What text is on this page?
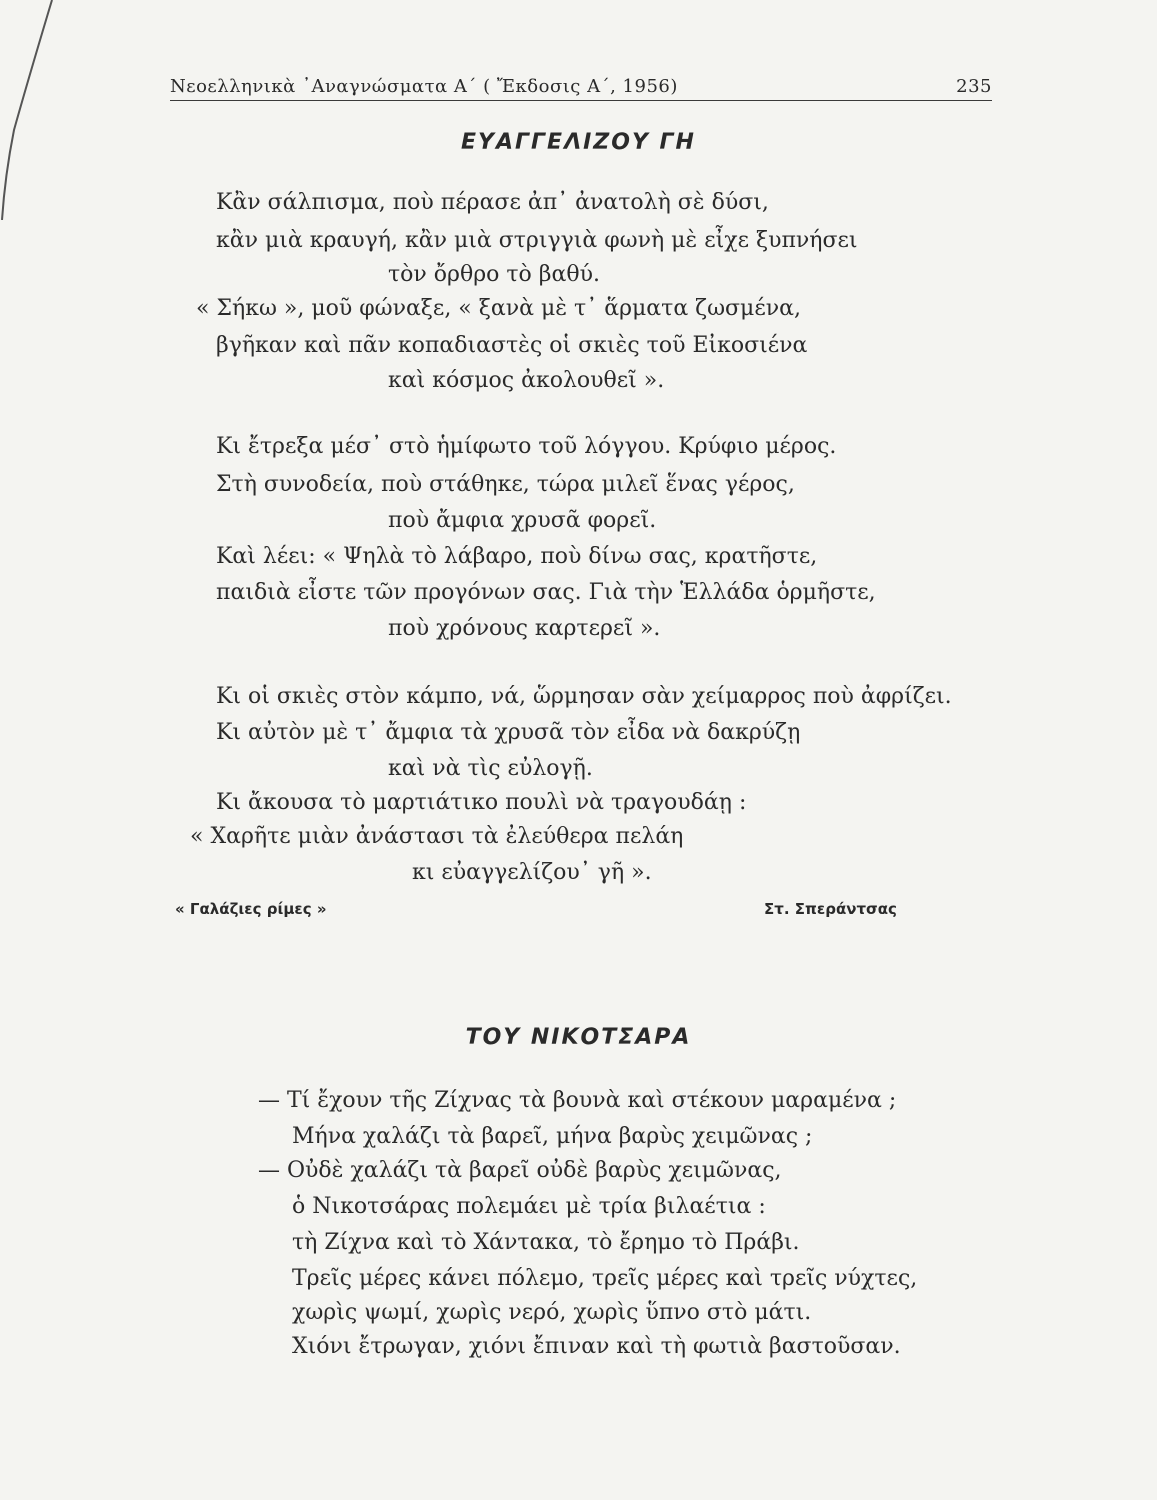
Νεοελληνικὰ ᾿Αναγνώσματα Α΄ ( Ἔκδοσις Α΄, 1956)	235
ΕΥΑΓΓΕΛΙΖΟΥ ΓΗ
Κἂν σάλπισμα, ποὺ πέρασε ἀπ᾿ ἀνατολὴ σὲ δύσι,
κἂν μιὰ κραυγή, κἂν μιὰ στριγγιὰ φωνὴ μὲ εἶχε ξυπνήσει
τὸν ὄρθρο τὸ βαθύ.
« Σήκω », μοῦ φώναξε, « ξανὰ μὲ τ᾿ ἅρματα ζωσμένα,
βγῆκαν καὶ πᾶν κοπαδιαστὲς οἱ σκιὲς τοῦ Εἰκοσιένα
καὶ κόσμος ἀκολουθεῖ ».
Κι ἔτρεξα μέσ᾿ στὸ ἡμίφωτο τοῦ λόγγου. Κρύφιο μέρος.
Στὴ συνοδεία, ποὺ στάθηκε, τώρα μιλεῖ ἕνας γέρος,
ποὺ ἄμφια χρυσᾶ φορεῖ.
Καὶ λέει: « Ψηλὰ τὸ λάβαρο, ποὺ δίνω σας, κρατῆστε,
παιδιὰ εἶστε τῶν προγόνων σας. Γιὰ τὴν Ἑλλάδα ὁρμῆστε,
ποὺ χρόνους καρτερεῖ ».
Κι οἱ σκιὲς στὸν κάμπο, νά, ὥρμησαν σὰν χείμαρρος ποὺ ἀφρίζει.
Κι αὐτὸν μὲ τ᾿ ἄμφια τὰ χρυσᾶ τὸν εἶδα νὰ δακρύζῃ
καὶ νὰ τὶς εὐλογῇ.
Κι ἄκουσα τὸ μαρτιάτικο πουλὶ νὰ τραγουδάῃ :
« Χαρῆτε μιὰν ἀνάστασι τὰ ἐλεύθερα πελάη
κι εὐαγγελίζου᾿ γῆ ».
« Γαλάζιες ρίμες »	Στ. Σπεράντσας
ΤΟΥ ΝΙΚΟΤΣΑΡΑ
— Τί ἔχουν τῆς Ζίχνας τὰ βουνὰ καὶ στέκουν μαραμένα ;
Μήνα χαλάζι τὰ βαρεῖ, μήνα βαρὺς χειμῶνας ;
— Οὐδὲ χαλάζι τὰ βαρεῖ οὐδὲ βαρὺς χειμῶνας,
ὁ Νικοτσάρας πολεμάει μὲ τρία βιλαέτια :
τὴ Ζίχνα καὶ τὸ Χάντακα, τὸ ἔρημο τὸ Πράβι.
Τρεῖς μέρες κάνει πόλεμο, τρεῖς μέρες καὶ τρεῖς νύχτες,
χωρὶς ψωμί, χωρὶς νερό, χωρὶς ὕπνο στὸ μάτι.
Χιόνι ἔτρωγαν, χιόνι ἔπιναν καὶ τὴ φωτιὰ βαστοῦσαν.
